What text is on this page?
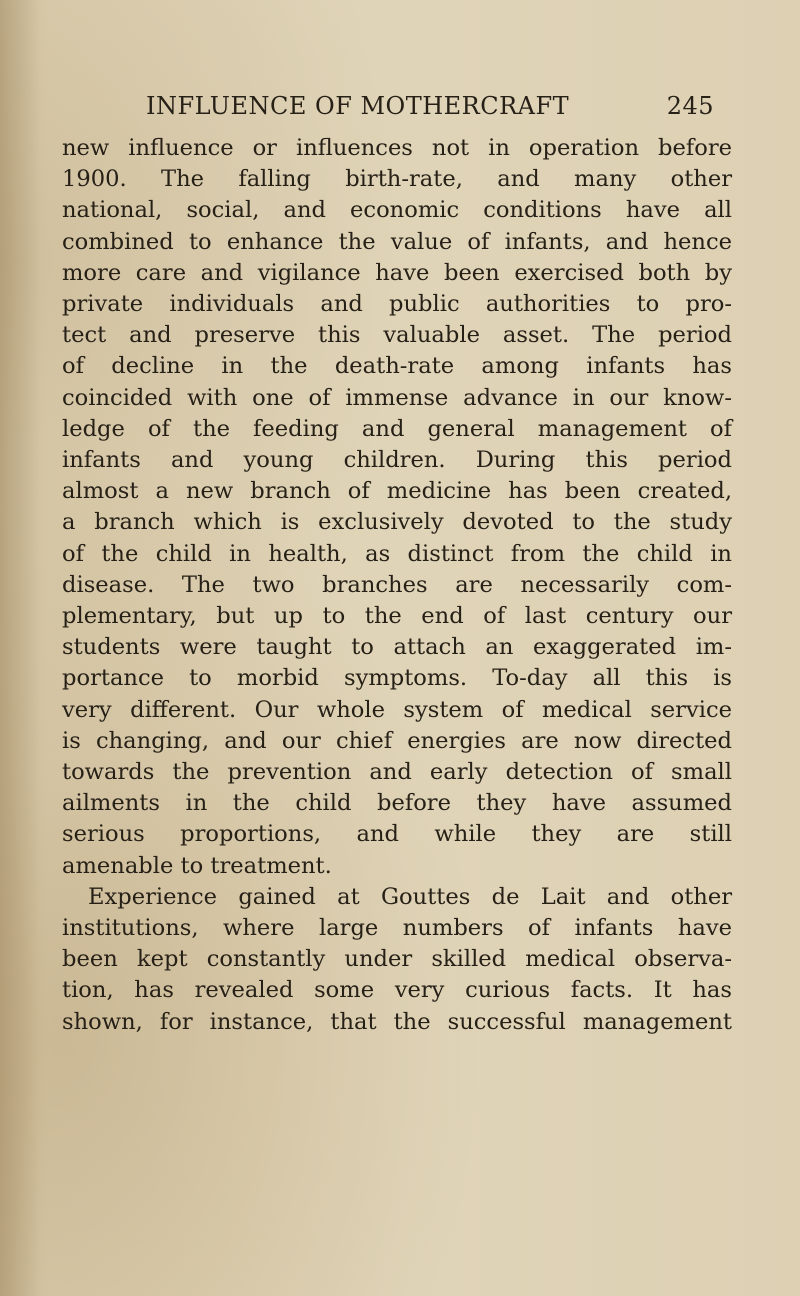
INFLUENCE OF MOTHERCRAFT	245

new influence or influences not in operation before
1900. The falling birth-rate, and many other
national, social, and economic conditions have all
combined to enhance the value of infants, and hence
more care and vigilance have been exercised both by
private individuals and public authorities to pro-
tect and preserve this valuable asset. The period
of decline in the death-rate among infants has
coincided with one of immense advance in our know-
ledge of the feeding and general management of
infants and young children. During this period
almost a new branch of medicine has been created,
a branch which is exclusively devoted to the study
of the child in health, as distinct from the child in
disease. The two branches are necessarily com-
plementary, but up to the end of last century our
students were taught to attach an exaggerated im-
portance to morbid symptoms. To-day all this is
very different. Our whole system of medical service
is changing, and our chief energies are now directed
towards the prevention and early detection of small
ailments in the child before they have assumed
serious proportions, and while they are still
amenable to treatment.

Experience gained at Gouttes de Lait and other
institutions, where large numbers of infants have
been kept constantly under skilled medical observa-
tion, has revealed some very curious facts. It has
shown, for instance, that the successful management
